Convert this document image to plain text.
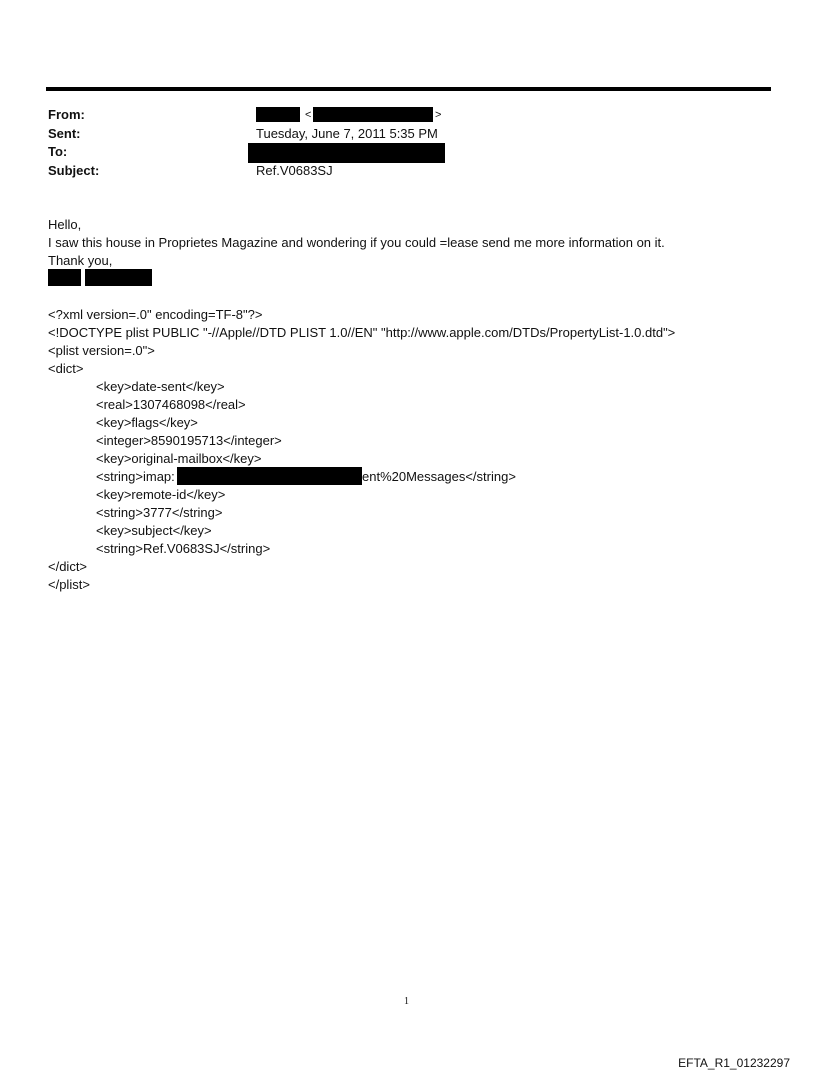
From:	<	>
Sent:	Tuesday, June 7, 2011 5:35 PM
To:
Subject:	Ref.V0683SJ
Hello,
I saw this house in Proprietes Magazine and wondering if you could =lease send me more information on it.
Thank you,
<?xml version=.0" encoding=TF-8"?>
<!DOCTYPE plist PUBLIC "-//Apple//DTD PLIST 1.0//EN" "http://www.apple.com/DTDs/PropertyList-1.0.dtd">
<plist version=.0">
<dict>
<key>date-sent</key>
<real>1307468098</real>
<key>flags</key>
<integer>8590195713</integer>
<key>original-mailbox</key>
<string>imap:	ent%20Messages</string>
<key>remote-id</key>
<string>3777</string>
<key>subject</key>
<string>Ref.V0683SJ</string>
</dict>
</plist>
1
EFTA_R1_01232297
